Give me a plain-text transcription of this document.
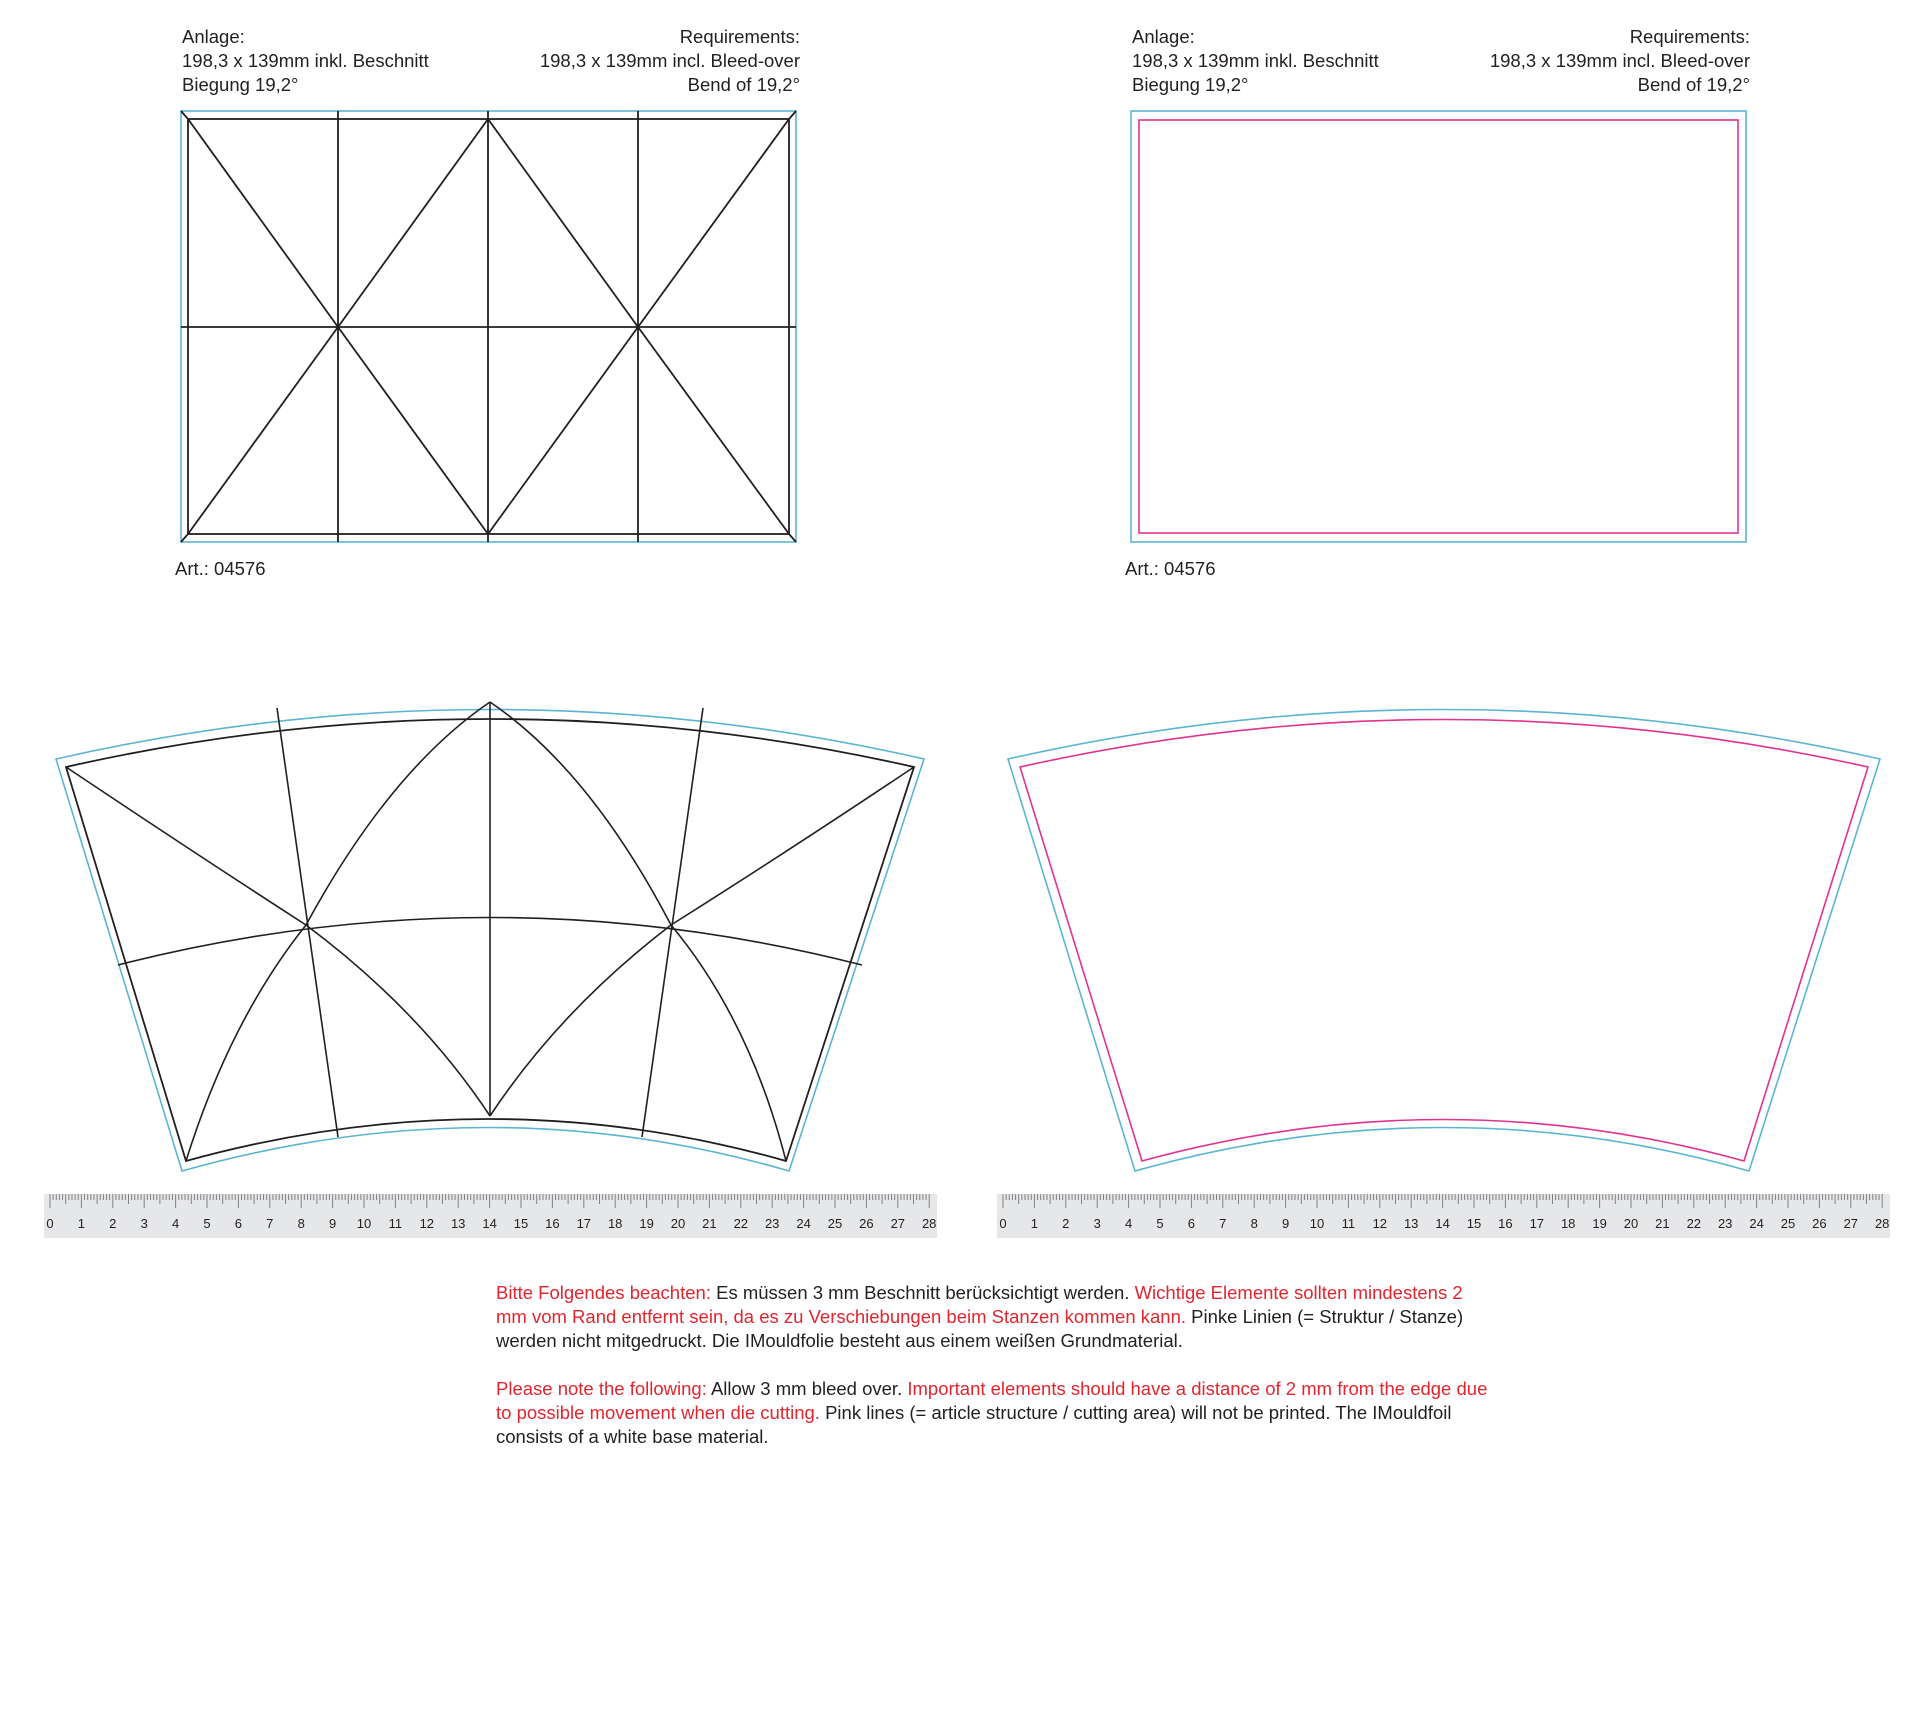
Anlage:
198,3 x 139mm inkl. Beschnitt
Biegung 19,2°
Requirements:
198,3 x 139mm incl. Bleed-over
Bend of 19,2°
Anlage:
198,3 x 139mm inkl. Beschnitt
Biegung 19,2°
Requirements:
198,3 x 139mm incl. Bleed-over
Bend of 19,2°
Art.: 04576	Art.: 04576
0 1 2 3 4 5 6 7 8 9 10 11 12 13 14 15 16 17 18 19 20 21 22 23 24 25 26 27 28	0 1 2 3 4 5 6 7 8 9 10 11 12 13 14 15 16 17 18 19 20 21 22 23 24 25 26 27 28

Bitte Folgendes beachten: Es müssen 3 mm Beschnitt berücksichtigt werden. Wichtige Elemente sollten mindestens 2 mm vom Rand entfernt sein, da es zu Verschiebungen beim Stanzen kommen kann. Pinke Linien (= Struktur / Stanze) werden nicht mitgedruckt. Die IMouldfolie besteht aus einem weißen Grundmaterial.

Please note the following: Allow 3 mm bleed over. Important elements should have a distance of 2 mm from the edge due to possible movement when die cutting. Pink lines (= article structure / cutting area) will not be printed. The IMouldfoil consists of a white base material.
